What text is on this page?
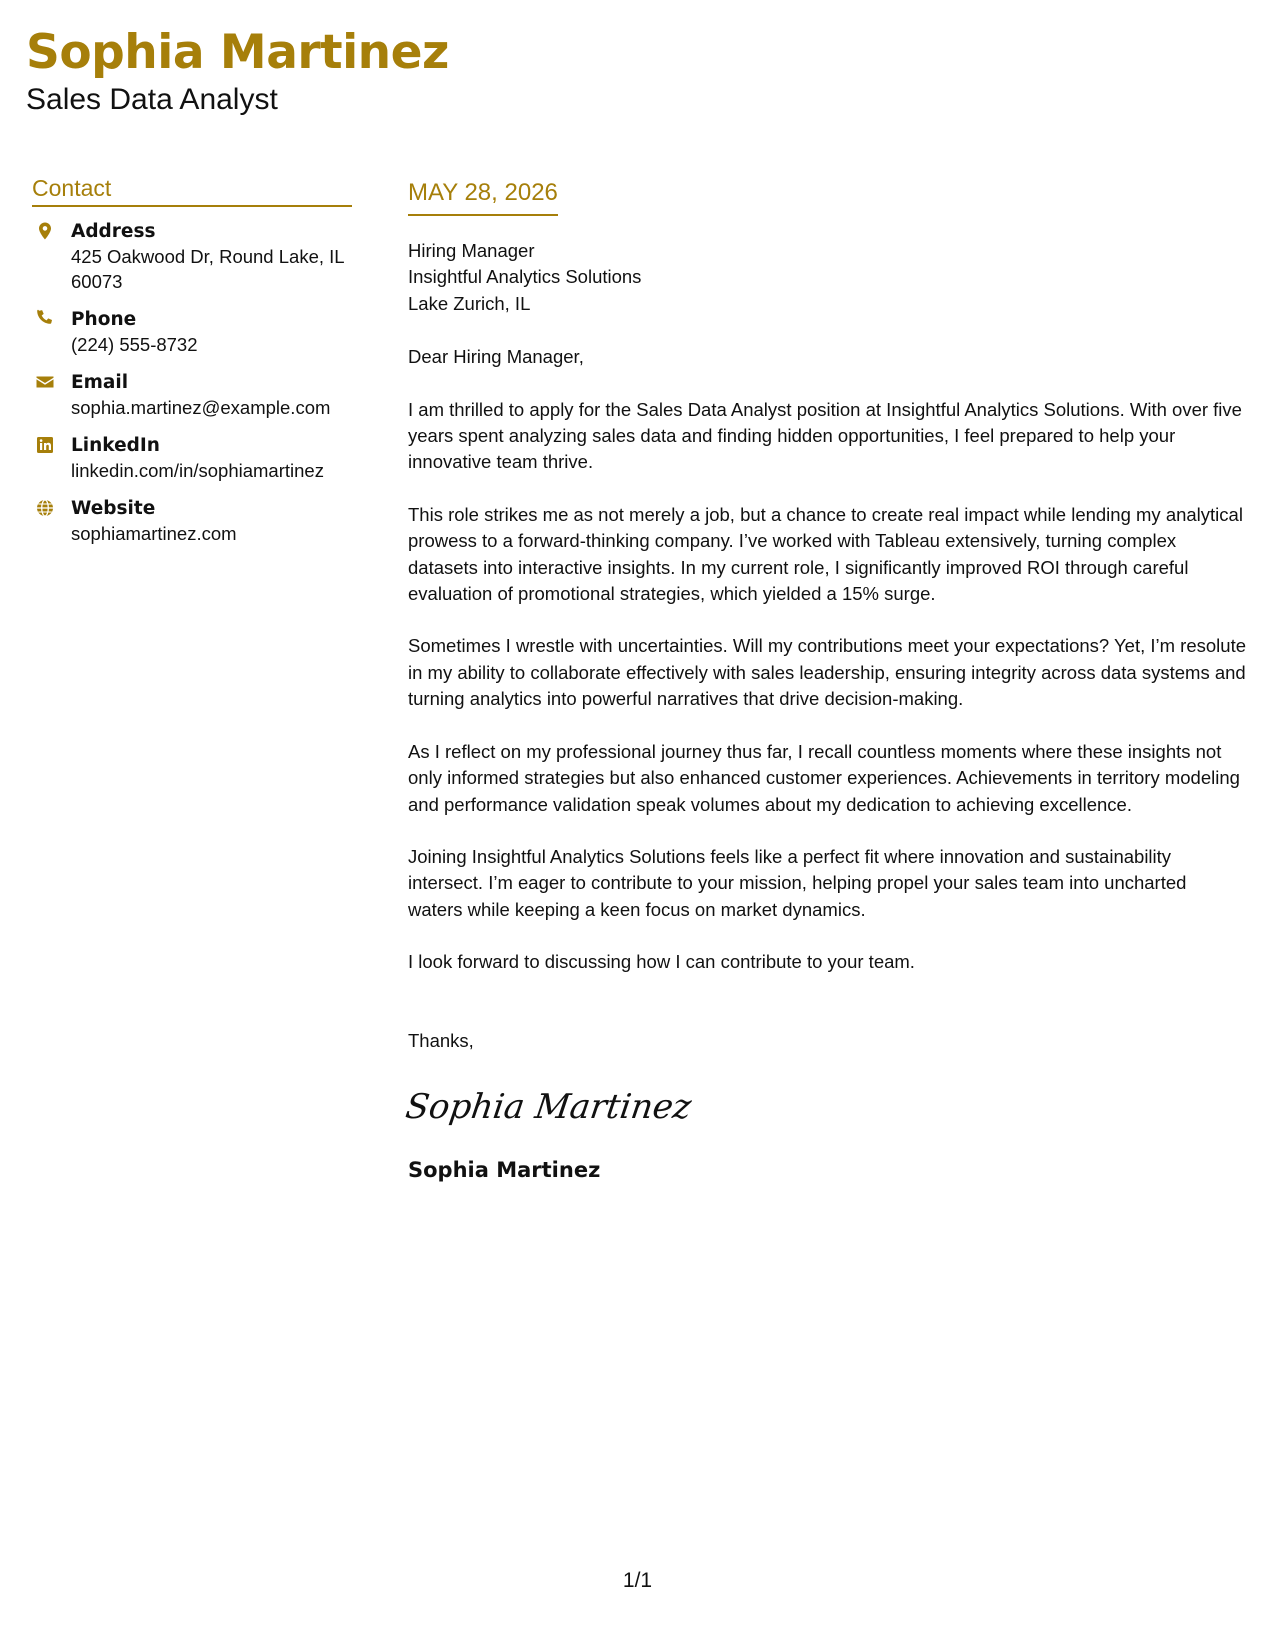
Sophia Martinez
Sales Data Analyst
Contact
Address
425 Oakwood Dr, Round Lake, IL 60073
Phone
(224) 555-8732
Email
sophia.martinez@example.com
LinkedIn
linkedin.com/in/sophiamartinez
Website
sophiamartinez.com
MAY 28, 2026
Hiring Manager
Insightful Analytics Solutions
Lake Zurich, IL
Dear Hiring Manager,

I am thrilled to apply for the Sales Data Analyst position at Insightful Analytics Solutions. With over five years spent analyzing sales data and finding hidden opportunities, I feel prepared to help your innovative team thrive.

This role strikes me as not merely a job, but a chance to create real impact while lending my analytical prowess to a forward-thinking company. I’ve worked with Tableau extensively, turning complex datasets into interactive insights. In my current role, I significantly improved ROI through careful evaluation of promotional strategies, which yielded a 15% surge.

Sometimes I wrestle with uncertainties. Will my contributions meet your expectations? Yet, I’m resolute in my ability to collaborate effectively with sales leadership, ensuring integrity across data systems and turning analytics into powerful narratives that drive decision-making.

As I reflect on my professional journey thus far, I recall countless moments where these insights not only informed strategies but also enhanced customer experiences. Achievements in territory modeling and performance validation speak volumes about my dedication to achieving excellence.

Joining Insightful Analytics Solutions feels like a perfect fit where innovation and sustainability intersect. I’m eager to contribute to your mission, helping propel your sales team into uncharted waters while keeping a keen focus on market dynamics.

I look forward to discussing how I can contribute to your team.

Thanks,
Sophia Martinez
Sophia Martinez
1/1
